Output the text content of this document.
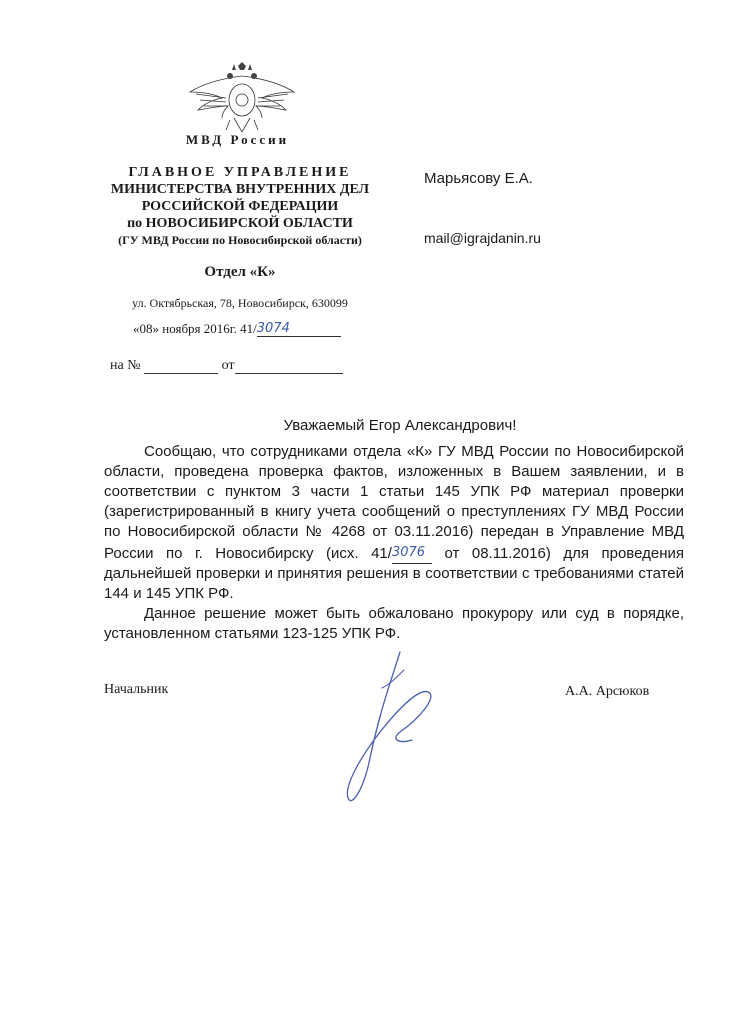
МВД России
ГЛАВНОЕ УПРАВЛЕНИЕ
МИНИСТЕРСТВА ВНУТРЕННИХ ДЕЛ
РОССИЙСКОЙ ФЕДЕРАЦИИ
по НОВОСИБИРСКОЙ ОБЛАСТИ
(ГУ МВД России по Новосибирской области)
Отдел «К»
ул. Октябрьская, 78, Новосибирск, 630099
«08» ноября 2016г. 41/3074
на №	от
Марьясову Е.А.
mail@igrajdanin.ru
Уважаемый Егор Александрович!

Сообщаю, что сотрудниками отдела «К» ГУ МВД России по Новосибирской области, проведена проверка фактов, изложенных в Вашем заявлении, и в соответствии с пунктом 3 части 1 статьи 145 УПК РФ материал проверки (зарегистрированный в книгу учета сообщений о преступлениях ГУ МВД России по Новосибирской области № 4268 от 03.11.2016) передан в Управление МВД России по г. Новосибирску (исх. 41/3076 от 08.11.2016) для проведения дальнейшей проверки и принятия решения в соответствии с требованиями статей 144 и 145 УПК РФ.

Данное решение может быть обжаловано прокурору или суд в порядке, установленном статьями 123-125 УПК РФ.

Начальник	А.А. Арсюков
